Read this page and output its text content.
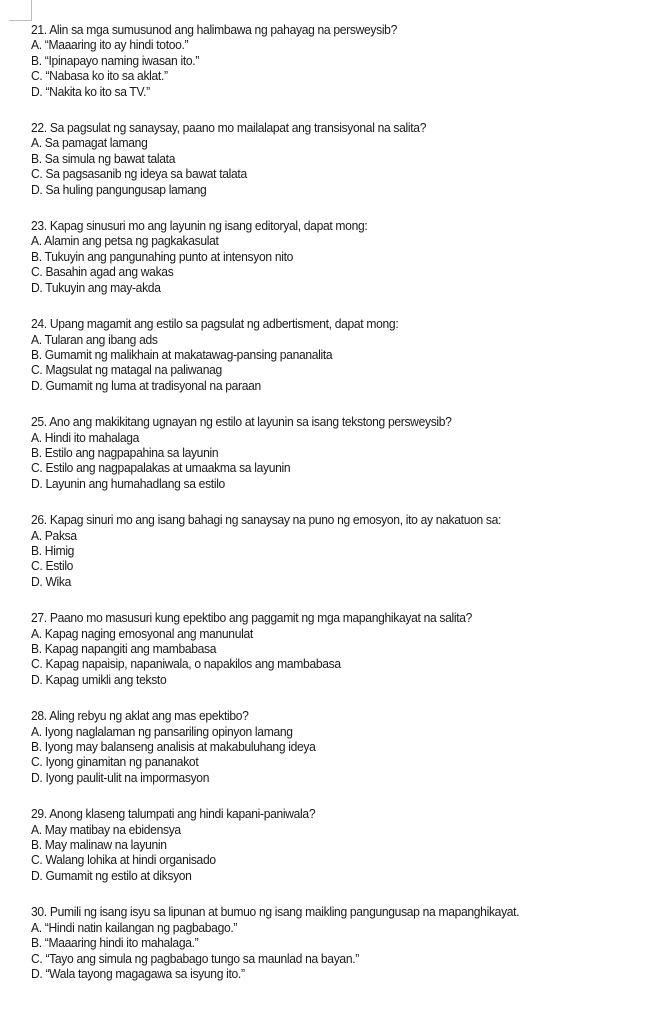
21. Alin sa mga sumusunod ang halimbawa ng pahayag na persweysib?
A. “Maaaring ito ay hindi totoo.”
B. “Ipinapayo naming iwasan ito.”
C. “Nabasa ko ito sa aklat.”
D. “Nakita ko ito sa TV.”
22. Sa pagsulat ng sanaysay, paano mo mailalapat ang transisyonal na salita?
A. Sa pamagat lamang
B. Sa simula ng bawat talata
C. Sa pagsasanib ng ideya sa bawat talata
D. Sa huling pangungusap lamang
23. Kapag sinusuri mo ang layunin ng isang editoryal, dapat mong:
A. Alamin ang petsa ng pagkakasulat
B. Tukuyin ang pangunahing punto at intensyon nito
C. Basahin agad ang wakas
D. Tukuyin ang may-akda
24. Upang magamit ang estilo sa pagsulat ng adbertisment, dapat mong:
A. Tularan ang ibang ads
B. Gumamit ng malikhain at makatawag-pansing pananalita
C. Magsulat ng matagal na paliwanag
D. Gumamit ng luma at tradisyonal na paraan
25. Ano ang makikitang ugnayan ng estilo at layunin sa isang tekstong persweysib?
A. Hindi ito mahalaga
B. Estilo ang nagpapahina sa layunin
C. Estilo ang nagpapalakas at umaakma sa layunin
D. Layunin ang humahadlang sa estilo
26. Kapag sinuri mo ang isang bahagi ng sanaysay na puno ng emosyon, ito ay nakatuon sa:
A. Paksa
B. Himig
C. Estilo
D. Wika
27. Paano mo masusuri kung epektibo ang paggamit ng mga mapanghikayat na salita?
A. Kapag naging emosyonal ang manunulat
B. Kapag napangiti ang mambabasa
C. Kapag napaisip, napaniwala, o napakilos ang mambabasa
D. Kapag umikli ang teksto
28. Aling rebyu ng aklat ang mas epektibo?
A. Iyong naglalaman ng pansariling opinyon lamang
B. Iyong may balanseng analisis at makabuluhang ideya
C. Iyong ginamitan ng pananakot
D. Iyong paulit-ulit na impormasyon
29. Anong klaseng talumpati ang hindi kapani-paniwala?
A. May matibay na ebidensya
B. May malinaw na layunin
C. Walang lohika at hindi organisado
D. Gumamit ng estilo at diksyon
30. Pumili ng isang isyu sa lipunan at bumuo ng isang maikling pangungusap na mapanghikayat.
A. “Hindi natin kailangan ng pagbabago.”
B. “Maaaring hindi ito mahalaga.”
C. “Tayo ang simula ng pagbabago tungo sa maunlad na bayan.”
D. “Wala tayong magagawa sa isyung ito.”
